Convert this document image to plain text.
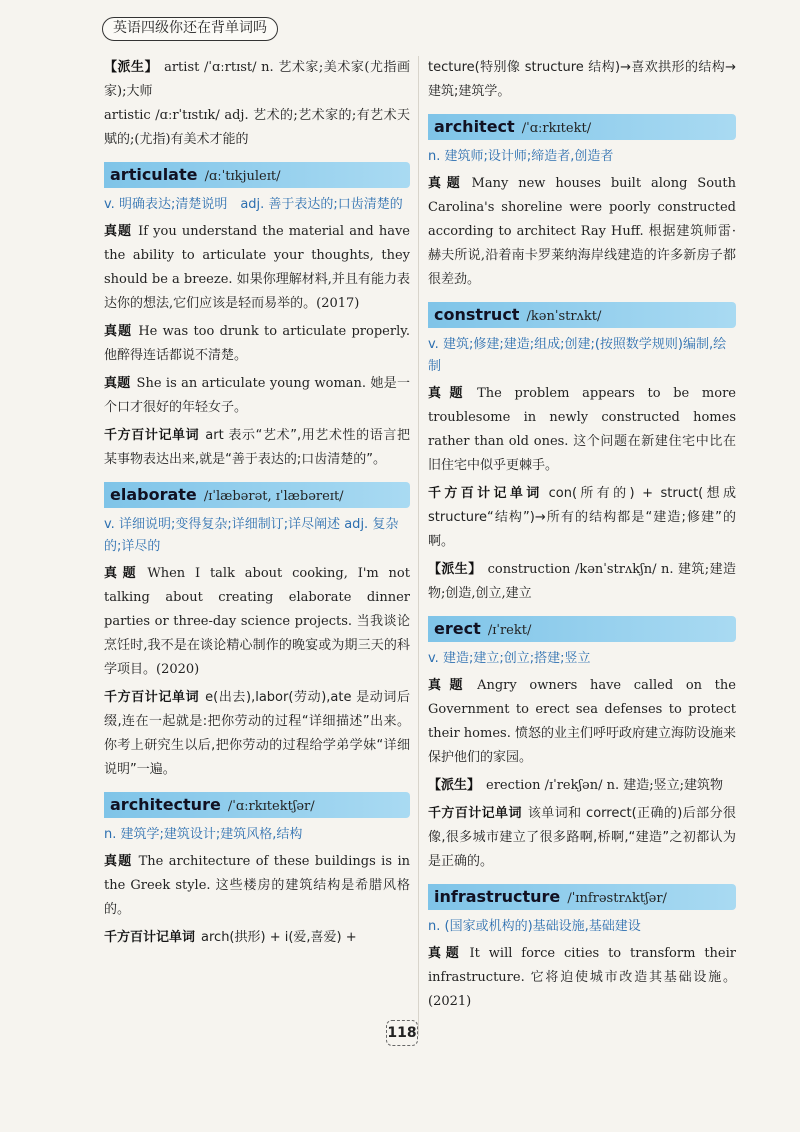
英语四级你还在背单词吗
【派生】 artist /ˈɑːrtɪst/ n. 艺术家;美术家(尤指画家);大师
artistic /ɑːrˈtɪstɪk/ adj. 艺术的;艺术家的;有艺术天赋的;(尤指)有美术才能的
articulate /ɑːˈtɪkjuleɪt/
v. 明确表达;清楚说明　adj. 善于表达的;口齿清楚的
真题 If you understand the material and have the ability to articulate your thoughts, they should be a breeze. 如果你理解材料,并且有能力表达你的想法,它们应该是轻而易举的。(2017)
真题 He was too drunk to articulate properly. 他醉得连话都说不清楚。
真题 She is an articulate young woman. 她是一个口才很好的年轻女子。
千方百计记单词 art 表示“艺术”,用艺术性的语言把某事物表达出来,就是“善于表达的;口齿清楚的”。
elaborate /ɪˈlæbərət, ɪˈlæbəreɪt/
v. 详细说明;变得复杂;详细制订;详尽阐述 adj. 复杂的;详尽的
真题 When I talk about cooking, I'm not talking about creating elaborate dinner parties or three-day science projects. 当我谈论烹饪时,我不是在谈论精心制作的晚宴或为期三天的科学项目。(2020)
千方百计记单词 e(出去),labor(劳动),ate 是动词后缀,连在一起就是:把你劳动的过程“详细描述”出来。你考上研究生以后,把你劳动的过程给学弟学妹“详细说明”一遍。
architecture /ˈɑːrkɪtektʃər/
n. 建筑学;建筑设计;建筑风格,结构
真题 The architecture of these buildings is in the Greek style. 这些楼房的建筑结构是希腊风格的。
千方百计记单词 arch(拱形) + i(爱,喜爱) +
tecture(特别像 structure 结构)→喜欢拱形的结构→建筑;建筑学。
architect /ˈɑːrkɪtekt/
n. 建筑师;设计师;缔造者,创造者
真题 Many new houses built along South Carolina's shoreline were poorly constructed according to architect Ray Huff. 根据建筑师雷·赫夫所说,沿着南卡罗莱纳海岸线建造的许多新房子都很差劲。
construct /kənˈstrʌkt/
v. 建筑;修建;建造;组成;创建;(按照数学规则)编制,绘制
真题 The problem appears to be more troublesome in newly constructed homes rather than old ones. 这个问题在新建住宅中比在旧住宅中似乎更棘手。
千方百计记单词 con(所有的) + struct(想成 structure“结构”)→所有的结构都是“建造;修建”的啊。
【派生】 construction /kənˈstrʌkʃn/ n. 建筑;建造物;创造,创立,建立
erect /ɪˈrekt/
v. 建造;建立;创立;搭建;竖立
真题 Angry owners have called on the Government to erect sea defenses to protect their homes. 愤怒的业主们呼吁政府建立海防设施来保护他们的家园。
【派生】 erection /ɪˈrekʃən/ n. 建造;竖立;建筑物
千方百计记单词 该单词和 correct(正确的)后部分很像,很多城市建立了很多路啊,桥啊,“建造”之初都认为是正确的。
infrastructure /ˈɪnfrəstrʌktʃər/
n. (国家或机构的)基础设施,基础建设
真题 It will force cities to transform their infrastructure. 它将迫使城市改造其基础设施。(2021)
118
